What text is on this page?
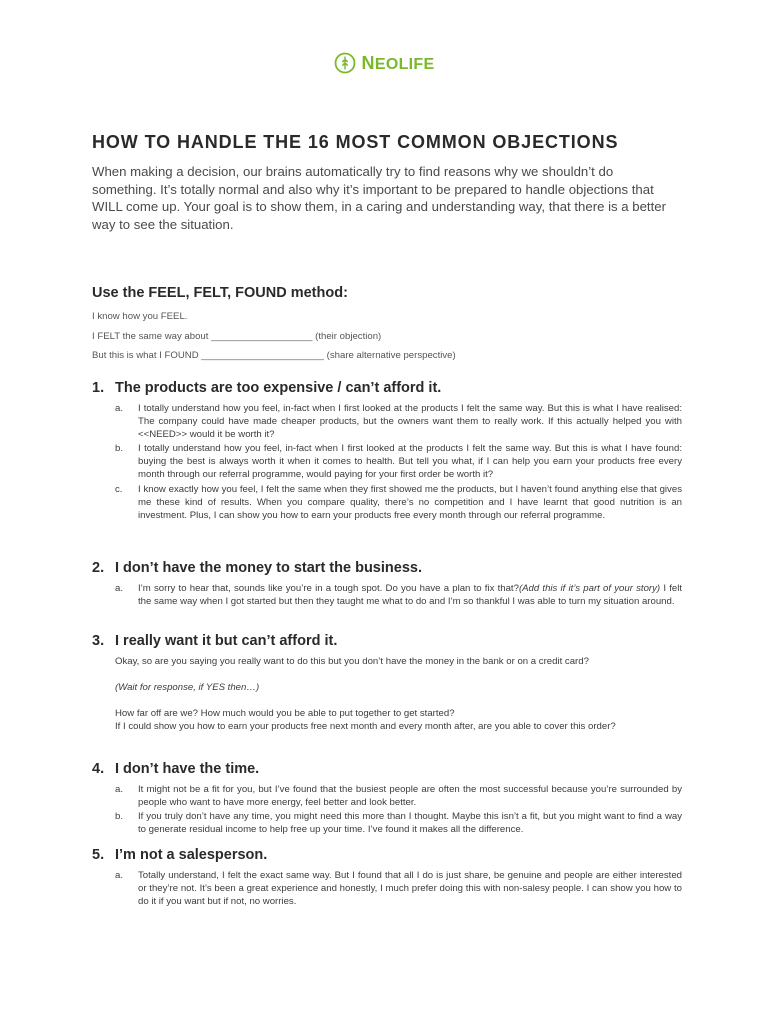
NEOLIFE
HOW TO HANDLE THE 16 MOST COMMON OBJECTIONS

When making a decision, our brains automatically try to find reasons why we shouldn’t do something. It’s totally normal and also why it’s important to be prepared to handle objections that WILL come up. Your goal is to show them, in a caring and understanding way, that there is a better way to see the situation.

Use the FEEL, FELT, FOUND method:
I know how you FEEL.
I FELT the same way about ___________________ (their objection)
But this is what I FOUND _______________________ (share alternative perspective)
1. The products are too expensive / can’t afford it.
a. I totally understand how you feel, in-fact when I first looked at the products I felt the same way. But this is what I have realised: The company could have made cheaper products, but the owners want them to really work. If this actually helped you with <<NEED>> would it be worth it?
b. I totally understand how you feel, in-fact when I first looked at the products I felt the same way. But this is what I have found: buying the best is always worth it when it comes to health. But tell you what, if I can help you earn your products free every month through our referral programme, would paying for your first order be worth it?
c. I know exactly how you feel, I felt the same when they first showed me the products, but I haven’t found anything else that gives me these kind of results. When you compare quality, there’s no competition and I have learnt that good nutrition is an investment. Plus, I can show you how to earn your products free every month through our referral programme.
2. I don’t have the money to start the business.
a. I’m sorry to hear that, sounds like you’re in a tough spot. Do you have a plan to fix that?(Add this if it’s part of your story) I felt the same way when I got started but then they taught me what to do and I’m so thankful I was able to turn my situation around.
3. I really want it but can’t afford it.
Okay, so are you saying you really want to do this but you don’t have the money in the bank or on a credit card?
(Wait for response, if YES then…)
How far off are we? How much would you be able to put together to get started?
If I could show you how to earn your products free next month and every month after, are you able to cover this order?
4. I don’t have the time.
a. It might not be a fit for you, but I’ve found that the busiest people are often the most successful because you’re surrounded by people who want to have more energy, feel better and look better.
b. If you truly don’t have any time, you might need this more than I thought. Maybe this isn’t a fit, but you might want to find a way to generate residual income to help free up your time. I’ve found it makes all the difference.
5. I’m not a salesperson.
a. Totally understand, I felt the exact same way. But I found that all I do is just share, be genuine and people are either interested or they’re not. It’s been a great experience and honestly, I much prefer doing this with non-salesy people. I can show you how to do it if you want but if not, no worries.
